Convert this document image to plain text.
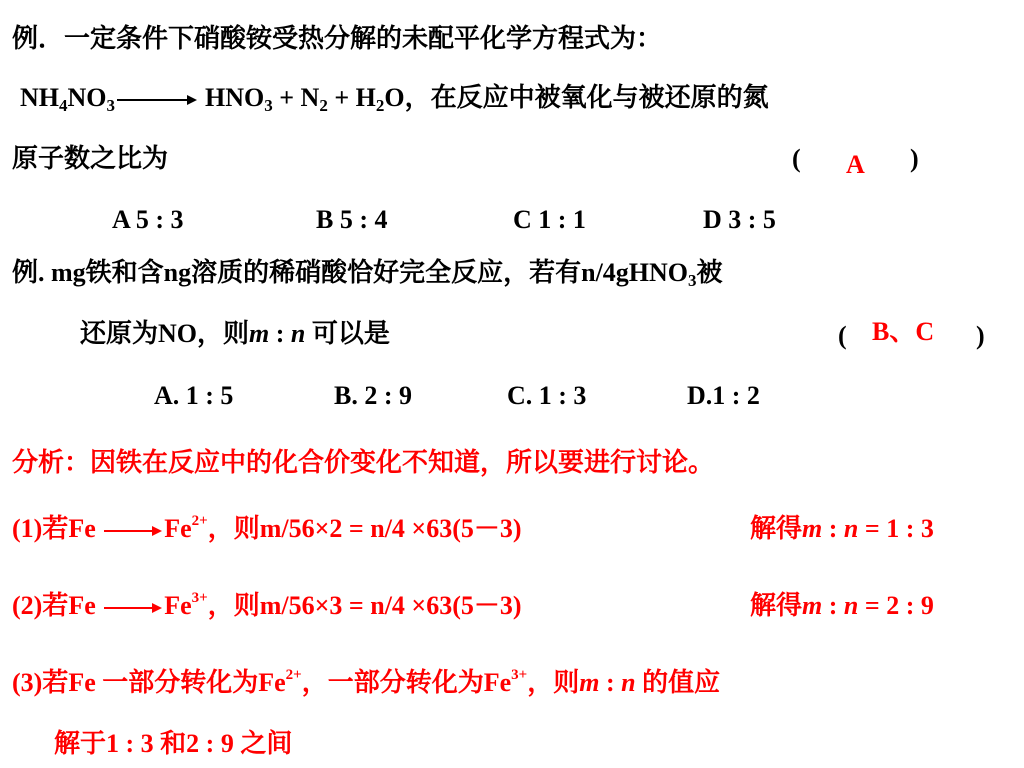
例．一定条件下硝酸铵受热分解的未配平化学方程式为：
$NH_4NO_3$	$HNO_3 + N_2 + H_2O$，在反应中被氧化与被还原的氮
原子数之比为	( A )
A 5 : 3	B 5 : 4	C 1 : 1	D 3 : 5
例. mg铁和含ng溶质的稀硝酸恰好完全反应，若有n/4gHNO$_3$被
还原为NO，则m : n 可以是	( B、C )
A. 1 : 5	B. 2 : 9	C. 1 : 3	D.1 : 2
分析：因铁在反应中的化合价变化不知道，所以要进行讨论。
(1)若Fe
$Fe^{2+}$，则m/56×2 = n/4 ×63(5－3)	解得m : n = 1 : 3
(2)若Fe
$Fe^{3+}$，则m/56×3 = n/4 ×63(5－3)	解得m : n = 2 : 9
(3)若Fe 一部分转化为$Fe^{2+}$，一部分转化为$Fe^{3+}$，则m : n 的值应
解于1 : 3 和2 : 9 之间
